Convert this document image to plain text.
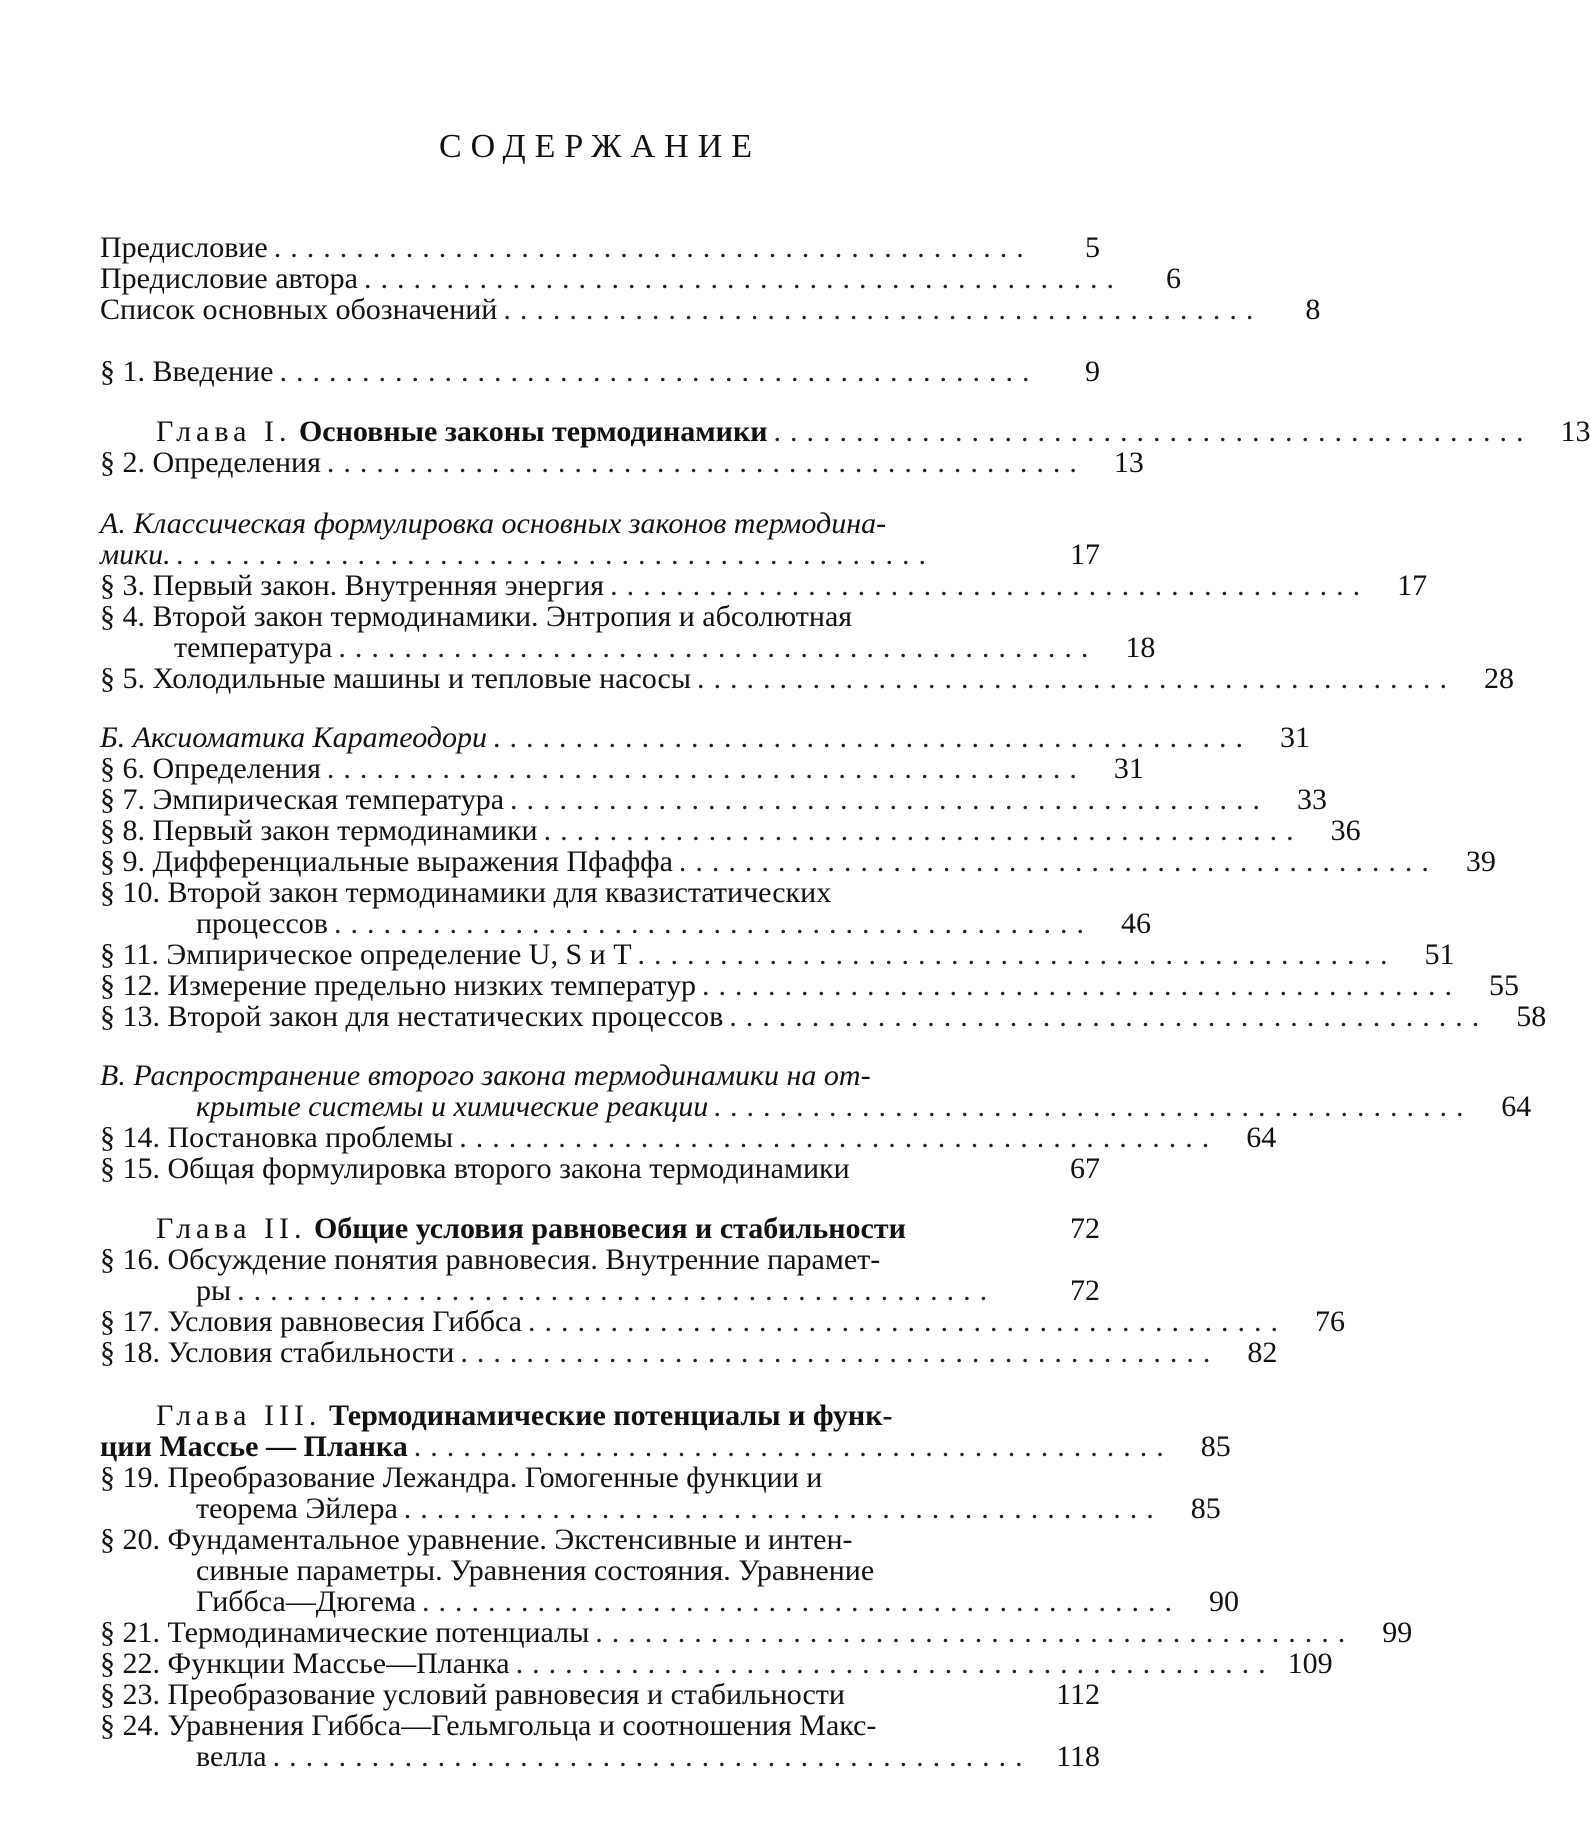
СОДЕРЖАНИЕ
Предисловие ..............................................	5
Предисловие автора ..............................................	6
Список основных обозначений ..............................................	8
§ 1. Введение ..............................................	9
Глава I. Основные законы термодинамики .............................................. 13
§ 2. Определения .............................................. 13
А. Классическая формулировка основных законов термодина-
мики. ..............................................	17
§ 3. Первый закон. Внутренняя энергия .............................................. 17
§ 4. Второй закон термодинамики. Энтропия и абсолютная
температура .............................................. 18
§ 5. Холодильные машины и тепловые насосы .............................................. 28
Б. Аксиоматика Каратеодори .............................................. 31
§ 6. Определения .............................................. 31
§ 7. Эмпирическая температура .............................................. 33
§ 8. Первый закон термодинамики .............................................. 36
§ 9. Дифференциальные выражения Пфаффа .............................................. 39
§ 10. Второй закон термодинамики для квазистатических
процессов .............................................. 46
§ 11. Эмпирическое определение U, S и T .............................................. 51
§ 12. Измерение предельно низких температур .............................................. 55
§ 13. Второй закон для нестатических процессов .............................................. 58
В. Распространение второго закона термодинамики на от-
крытые системы и химические реакции .............................................. 64
§ 14. Постановка проблемы .............................................. 64
§ 15. Общая формулировка второго закона термодинамики	67
Глава II. Общие условия равновесия и стабильности	72
§ 16. Обсуждение понятия равновесия. Внутренние парамет-
ры ..............................................	72
§ 17. Условия равновесия Гиббса .............................................. 76
§ 18. Условия стабильности .............................................. 82
Глава III. Термодинамические потенциалы и функ-
ции Массье — Планка .............................................. 85
§ 19. Преобразование Лежандра. Гомогенные функции и
теорема Эйлера .............................................. 85
§ 20. Фундаментальное уравнение. Экстенсивные и интен-
сивные параметры. Уравнения состояния. Уравнение
Гиббса—Дюгема .............................................. 90
§ 21. Термодинамические потенциалы .............................................. 99
§ 22. Функции Массье—Планка .............................................. 109
§ 23. Преобразование условий равновесия и стабильности	112
§ 24. Уравнения Гиббса—Гельмгольца и соотношения Макс-
велла .............................................. 118
